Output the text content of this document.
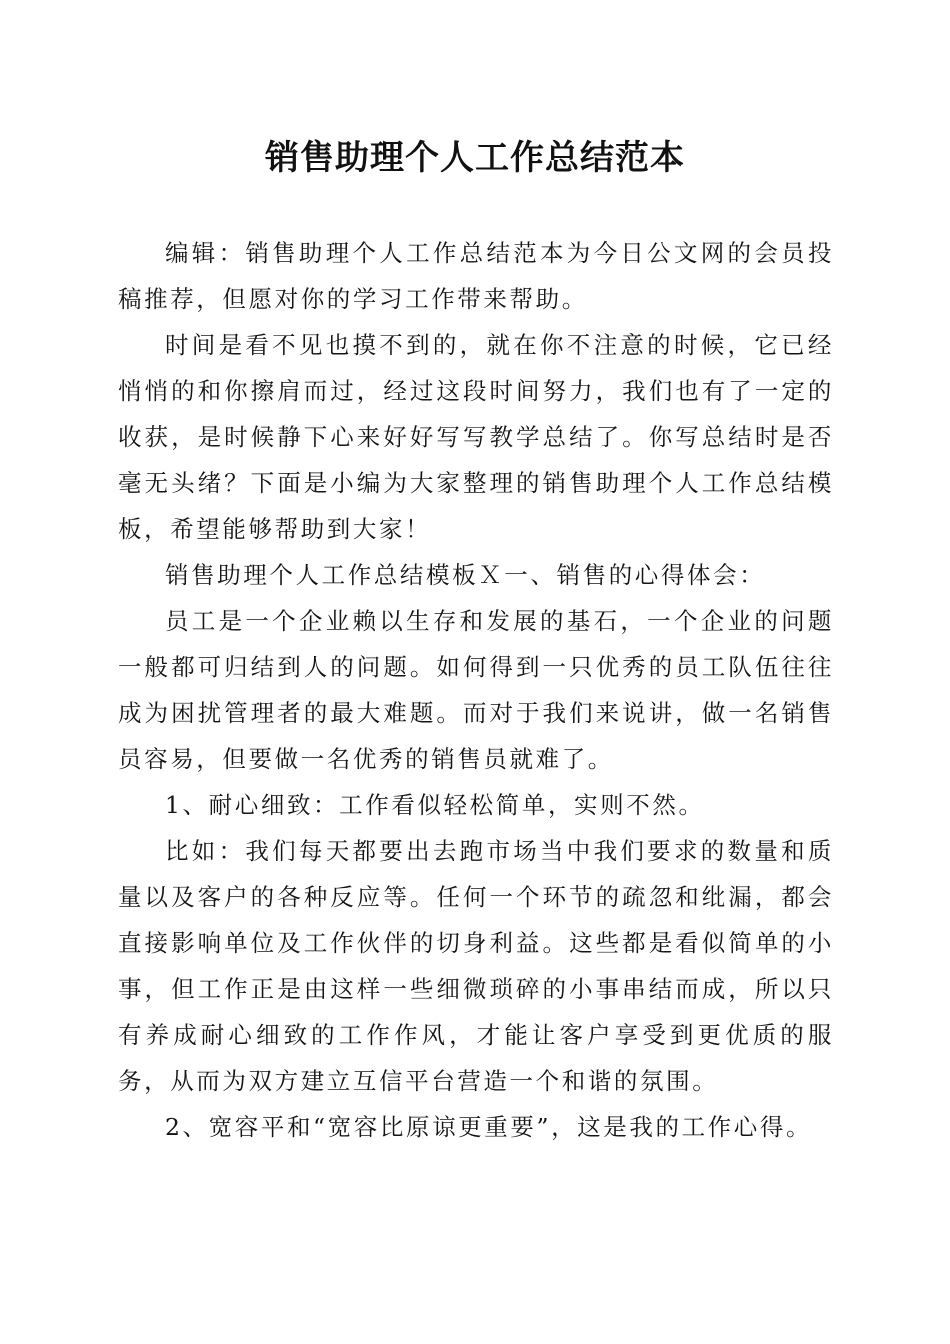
销售助理个人工作总结范本

编辑：销售助理个人工作总结范本为今日公文网的会员投稿推荐，但愿对你的学习工作带来帮助。

时间是看不见也摸不到的，就在你不注意的时候，它已经悄悄的和你擦肩而过，经过这段时间努力，我们也有了一定的收获，是时候静下心来好好写写教学总结了。你写总结时是否毫无头绪？下面是小编为大家整理的销售助理个人工作总结模板，希望能够帮助到大家！

销售助理个人工作总结模板Ｘ一、销售的心得体会：

员工是一个企业赖以生存和发展的基石，一个企业的问题一般都可归结到人的问题。如何得到一只优秀的员工队伍往往成为困扰管理者的最大难题。而对于我们来说讲，做一名销售员容易，但要做一名优秀的销售员就难了。

1、耐心细致：工作看似轻松简单，实则不然。

比如：我们每天都要出去跑市场当中我们要求的数量和质量以及客户的各种反应等。任何一个环节的疏忽和纰漏，都会直接影响单位及工作伙伴的切身利益。这些都是看似简单的小事，但工作正是由这样一些细微琐碎的小事串结而成，所以只有养成耐心细致的工作作风，才能让客户享受到更优质的服务，从而为双方建立互信平台营造一个和谐的氛围。

2、宽容平和“宽容比原谅更重要”，这是我的工作心得。
